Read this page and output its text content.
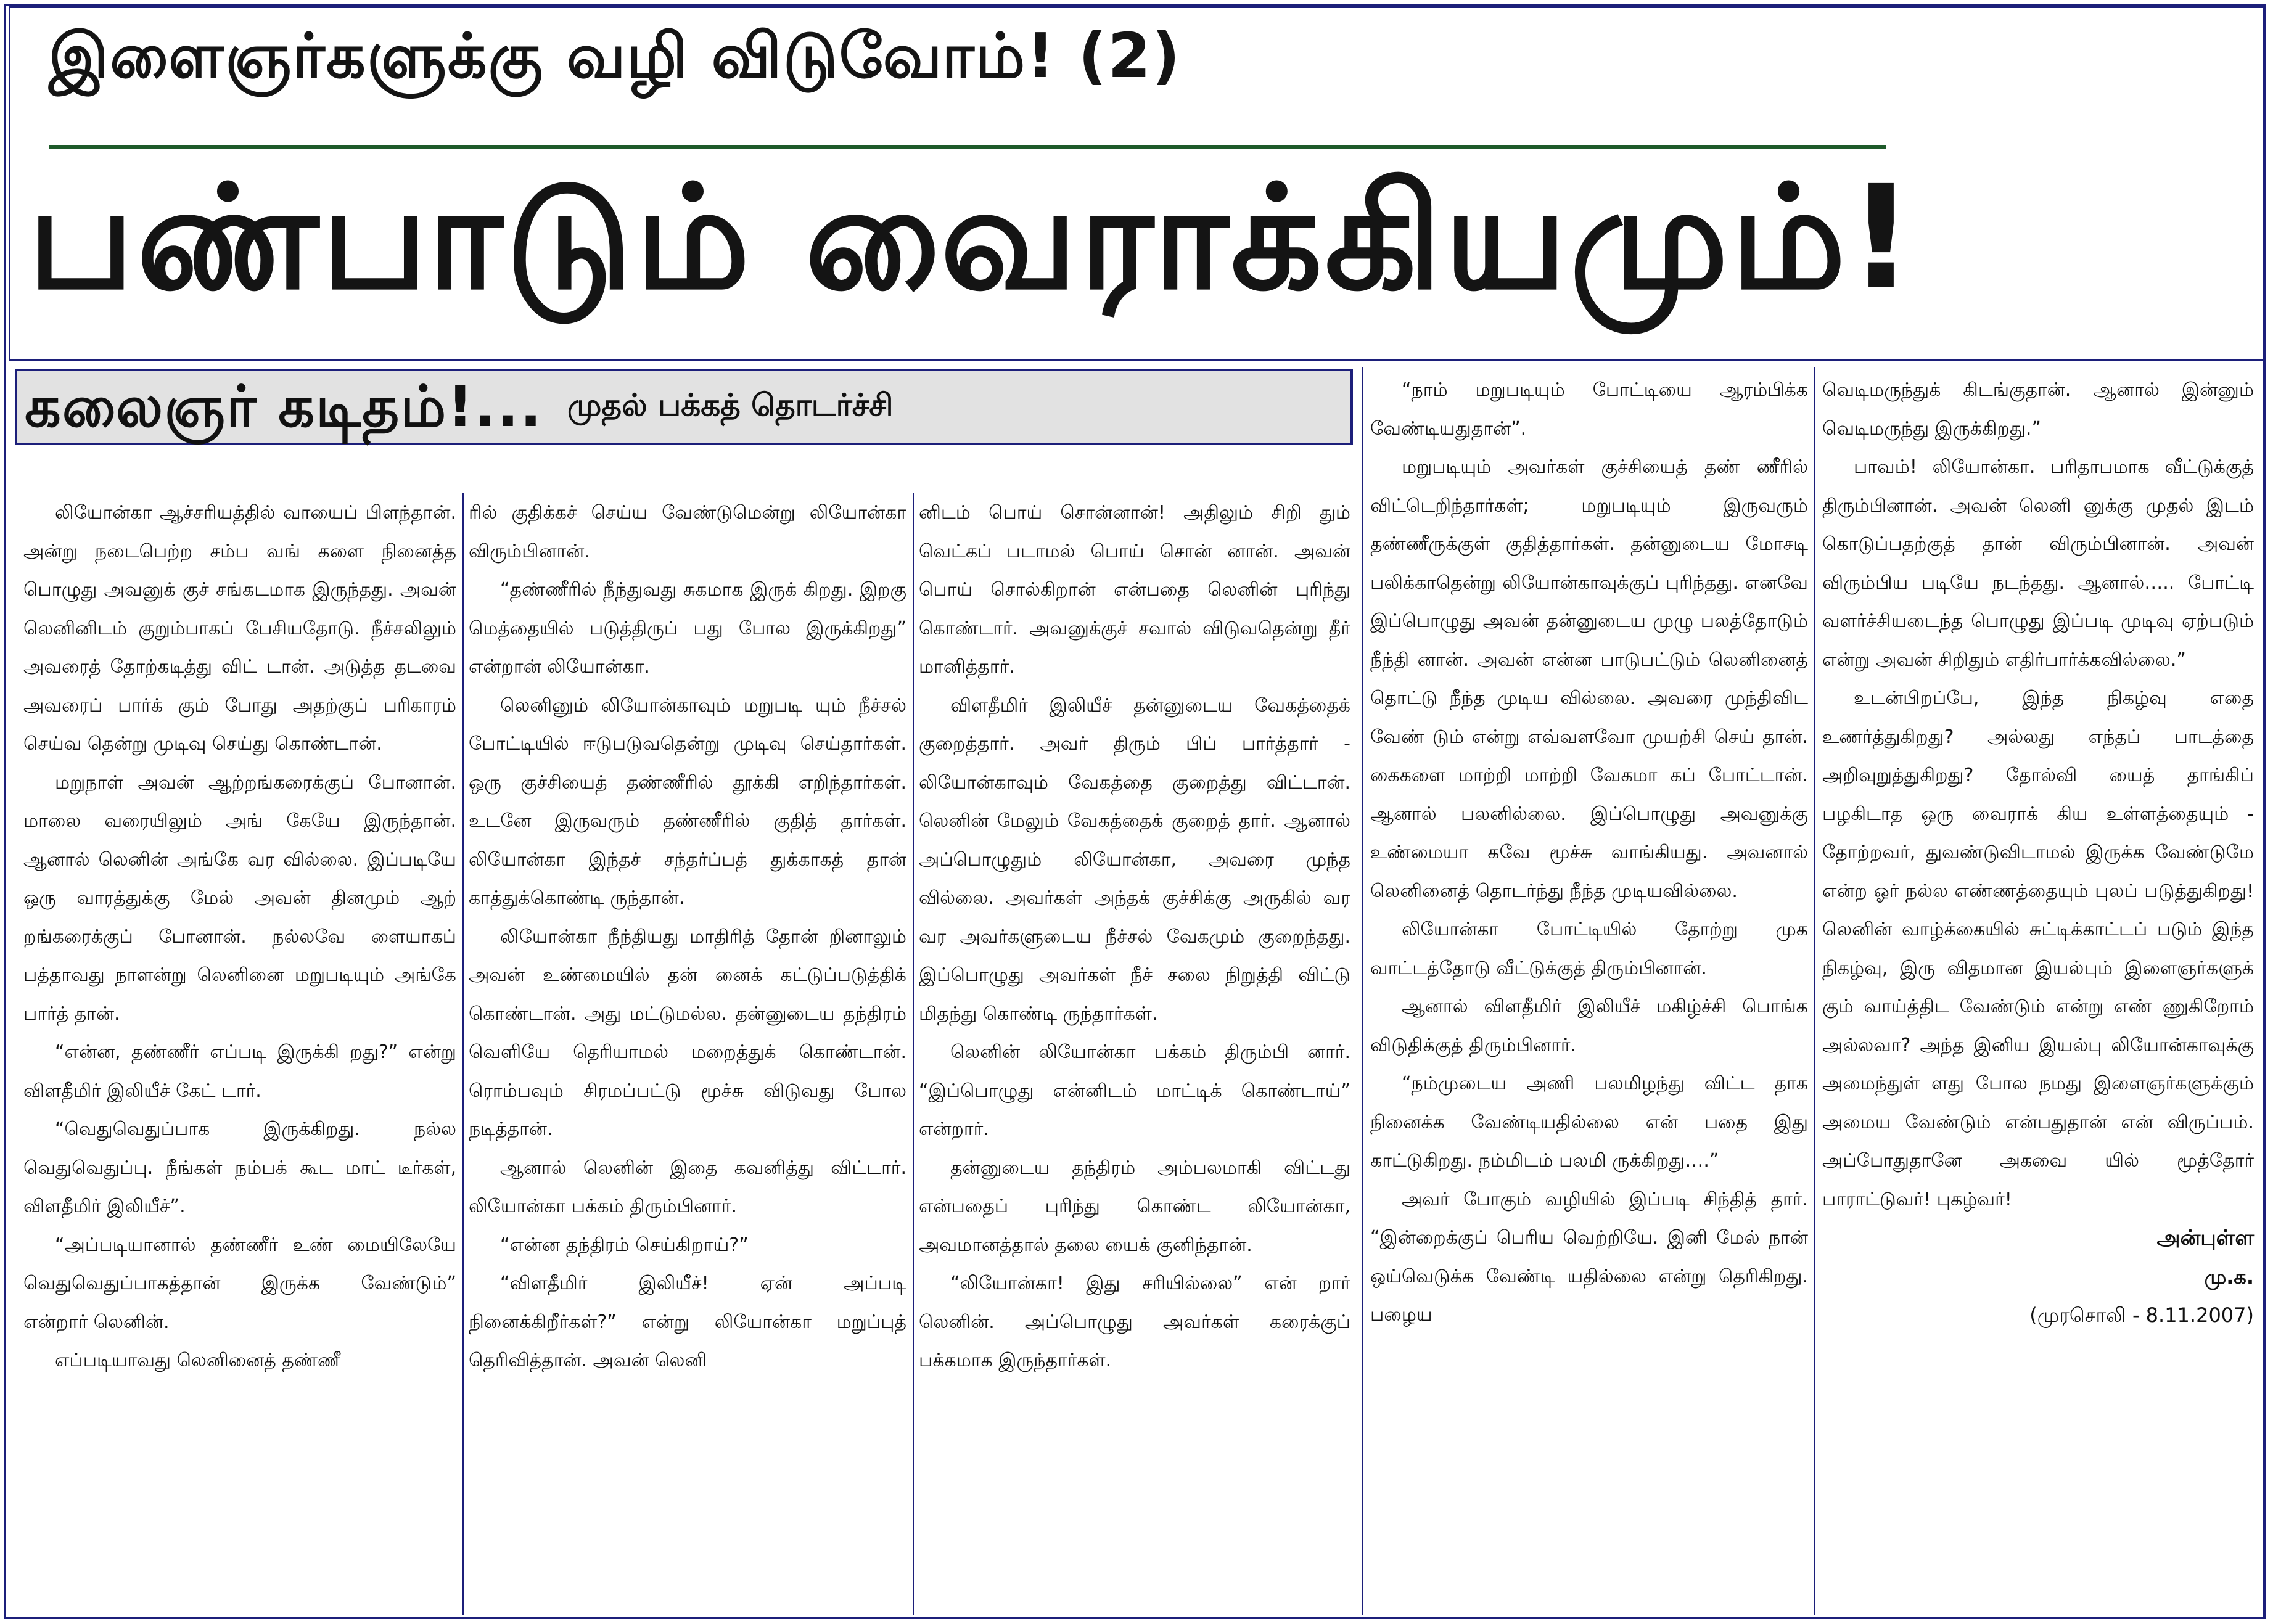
இளைஞர்களுக்கு வழி விடுவோம்! (2)
பண்பாடும் வைராக்கியமும்!
கலைஞர் கடிதம்!... முதல் பக்கத் தொடர்ச்சி

லியோன்கா ஆச்சரியத்தில் வாயைப் பிளந்தான். அன்று நடைபெற்ற சம்ப வங் களை நினைத்த பொழுது அவனுக் குச் சங்கடமாக இருந்தது. அவன் லெனினிடம் குறும்பாகப் பேசியதோடு. நீச்சலிலும் அவரைத் தோற்கடித்து விட் டான். அடுத்த தடவை அவரைப் பார்க் கும் போது அதற்குப் பரிகாரம் செய்வ தென்று முடிவு செய்து கொண்டான்.

மறுநாள் அவன் ஆற்றங்கரைக்குப் போனான். மாலை வரையிலும் அங் கேயே இருந்தான். ஆனால் லெனின் அங்கே வர வில்லை. இப்படியே ஒரு வாரத்துக்கு மேல் அவன் தினமும் ஆற் றங்கரைக்குப் போனான். நல்லவே ளையாகப் பத்தாவது நாளன்று லெனினை மறுபடியும் அங்கே பார்த் தான்.

“என்ன, தண்ணீர் எப்படி இருக்கி றது?” என்று விளதீமிர் இலியீச் கேட் டார்.

“வெதுவெதுப்பாக இருக்கிறது. நல்ல வெதுவெதுப்பு. நீங்கள் நம்பக் கூட மாட் டீர்கள், விளதீமிர் இலியீச்”.

“அப்படியானால் தண்ணீர் உண் மையிலேயே வெதுவெதுப்பாகத்தான் இருக்க வேண்டும்” என்றார் லெனின்.

எப்படியாவது லெனினைத் தண்ணீ

ரில் குதிக்கச் செய்ய வேண்டுமென்று லியோன்கா விரும்பினான்.

“தண்ணீரில் நீந்துவது சுகமாக இருக் கிறது. இறகு மெத்தையில் படுத்திருப் பது போல இருக்கிறது” என்றான் லியோன்கா.

லெனினும் லியோன்காவும் மறுபடி யும் நீச்சல் போட்டியில் ஈடுபடுவதென்று முடிவு செய்தார்கள். ஒரு குச்சியைத் தண்ணீரில் தூக்கி எறிந்தார்கள். உடனே இருவரும் தண்ணீரில் குதித் தார்கள். லியோன்கா இந்தச் சந்தர்ப்பத் துக்காகத் தான் காத்துக்கொண்டி ருந்தான்.

லியோன்கா நீந்தியது மாதிரித் தோன் றினாலும் அவன் உண்மையில் தன் னைக் கட்டுப்படுத்திக் கொண்டான். அது மட்டுமல்ல. தன்னுடைய தந்திரம் வெளியே தெரியாமல் மறைத்துக் கொண்டான். ரொம்பவும் சிரமப்பட்டு மூச்சு விடுவது போல நடித்தான்.

ஆனால் லெனின் இதை கவனித்து விட்டார். லியோன்கா பக்கம் திரும்பினார்.

“என்ன தந்திரம் செய்கிறாய்?”

“விளதீமிர் இலியீச்! ஏன் அப்படி நினைக்கிறீர்கள்?” என்று லியோன்கா மறுப்புத் தெரிவித்தான். அவன் லெனி

னிடம் பொய் சொன்னான்! அதிலும் சிறி தும் வெட்கப் படாமல் பொய் சொன் னான். அவன் பொய் சொல்கிறான் என்பதை லெனின் புரிந்து கொண்டார். அவனுக்குச் சவால் விடுவதென்று தீர் மானித்தார்.

விளதீமிர் இலியீச் தன்னுடைய வேகத்தைக் குறைத்தார். அவர் திரும் பிப் பார்த்தார் - லியோன்காவும் வேகத்தை குறைத்து விட்டான். லெனின் மேலும் வேகத்தைக் குறைத் தார். ஆனால் அப்பொழுதும் லியோன்கா, அவரை முந்த வில்லை. அவர்கள் அந்தக் குச்சிக்கு அருகில் வர வர அவர்களுடைய நீச்சல் வேகமும் குறைந்தது. இப்பொழுது அவர்கள் நீச் சலை நிறுத்தி விட்டு மிதந்து கொண்டி ருந்தார்கள்.

லெனின் லியோன்கா பக்கம் திரும்பி னார். “இப்பொழுது என்னிடம் மாட்டிக் கொண்டாய்” என்றார்.

தன்னுடைய தந்திரம் அம்பலமாகி விட்டது என்பதைப் புரிந்து கொண்ட லியோன்கா, அவமானத்தால் தலை யைக் குனிந்தான்.

“லியோன்கா! இது சரியில்லை” என் றார் லெனின். அப்பொழுது அவர்கள் கரைக்குப் பக்கமாக இருந்தார்கள்.

“நாம் மறுபடியும் போட்டியை ஆரம்பிக்க வேண்டியதுதான்”.

மறுபடியும் அவர்கள் குச்சியைத் தண் ணீரில் விட்டெறிந்தார்கள்; மறுபடியும் இருவரும் தண்ணீருக்குள் குதித்தார்கள். தன்னுடைய மோசடி பலிக்காதென்று லியோன்காவுக்குப் புரிந்தது. எனவே இப்பொழுது அவன் தன்னுடைய முழு பலத்தோடும் நீந்தி னான். அவன் என்ன பாடுபட்டும் லெனினைத் தொட்டு நீந்த முடிய வில்லை. அவரை முந்திவிட வேண் டும் என்று எவ்வளவோ முயற்சி செய் தான். கைகளை மாற்றி மாற்றி வேகமா கப் போட்டான். ஆனால் பலனில்லை. இப்பொழுது அவனுக்கு உண்மையா கவே மூச்சு வாங்கியது. அவனால் லெனினைத் தொடர்ந்து நீந்த முடியவில்லை.

லியோன்கா போட்டியில் தோற்று முக வாட்டத்தோடு வீட்டுக்குத் திரும்பினான்.

ஆனால் விளதீமிர் இலியீச் மகிழ்ச்சி பொங்க விடுதிக்குத் திரும்பினார்.

“நம்முடைய அணி பலமிழந்து விட்ட தாக நினைக்க வேண்டியதில்லை என் பதை இது காட்டுகிறது. நம்மிடம் பலமி ருக்கிறது….”

அவர் போகும் வழியில் இப்படி சிந்தித் தார். “இன்றைக்குப் பெரிய வெற்றியே. இனி மேல் நான் ஒய்வெடுக்க வேண்டி யதில்லை என்று தெரிகிறது. பழைய

வெடிமருந்துக் கிடங்குதான். ஆனால் இன்னும் வெடிமருந்து இருக்கிறது.”

பாவம்! லியோன்கா. பரிதாபமாக வீட்டுக்குத் திரும்பினான். அவன் லெனி னுக்கு முதல் இடம் கொடுப்பதற்குத் தான் விரும்பினான். அவன் விரும்பிய படியே நடந்தது. ஆனால்….. போட்டி வளர்ச்சியடைந்த பொழுது இப்படி முடிவு ஏற்படும் என்று அவன் சிறிதும் எதிர்பார்க்கவில்லை.”

உடன்பிறப்பே, இந்த நிகழ்வு எதை உணர்த்துகிறது? அல்லது எந்தப் பாடத்தை அறிவுறுத்துகிறது? தோல்வி யைத் தாங்கிப் பழகிடாத ஒரு வைராக் கிய உள்ளத்தையும் - தோற்றவர், துவண்டுவிடாமல் இருக்க வேண்டுமே என்ற ஓர் நல்ல எண்ணத்தையும் புலப் படுத்துகிறது! லெனின் வாழ்க்கையில் சுட்டிக்காட்டப் படும் இந்த நிகழ்வு, இரு விதமான இயல்பும் இளைஞர்களுக் கும் வாய்த்திட வேண்டும் என்று எண் ணுகிறோம் அல்லவா? அந்த இனிய இயல்பு லியோன்காவுக்கு அமைந்துள் ளது போல நமது இளைஞர்களுக்கும் அமைய வேண்டும் என்பதுதான் என் விருப்பம். அப்போதுதானே அகவை யில் மூத்தோர் பாராட்டுவர்! புகழ்வர்!

அன்புள்ள
மு.க.
(முரசொலி - 8.11.2007)
